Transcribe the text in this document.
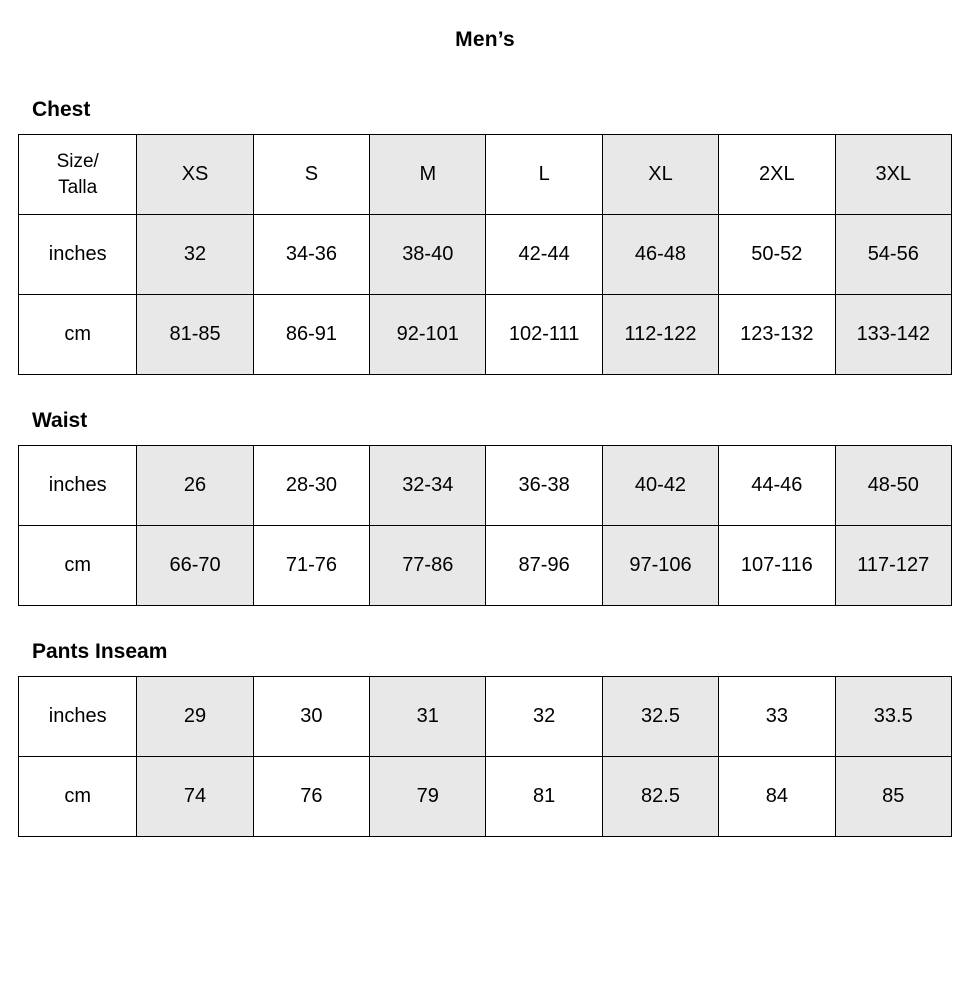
Men’s
Chest
Size/
Talla	XS	S	M	L	XL	2XL	3XL
inches	32	34-36	38-40	42-44	46-48	50-52	54-56
cm	81-85	86-91	92-101	102-111	112-122	123-132	133-142
Waist
inches	26	28-30	32-34	36-38	40-42	44-46	48-50
cm	66-70	71-76	77-86	87-96	97-106	107-116	117-127
Pants Inseam
inches	29	30	31	32	32.5	33	33.5
cm	74	76	79	81	82.5	84	85
